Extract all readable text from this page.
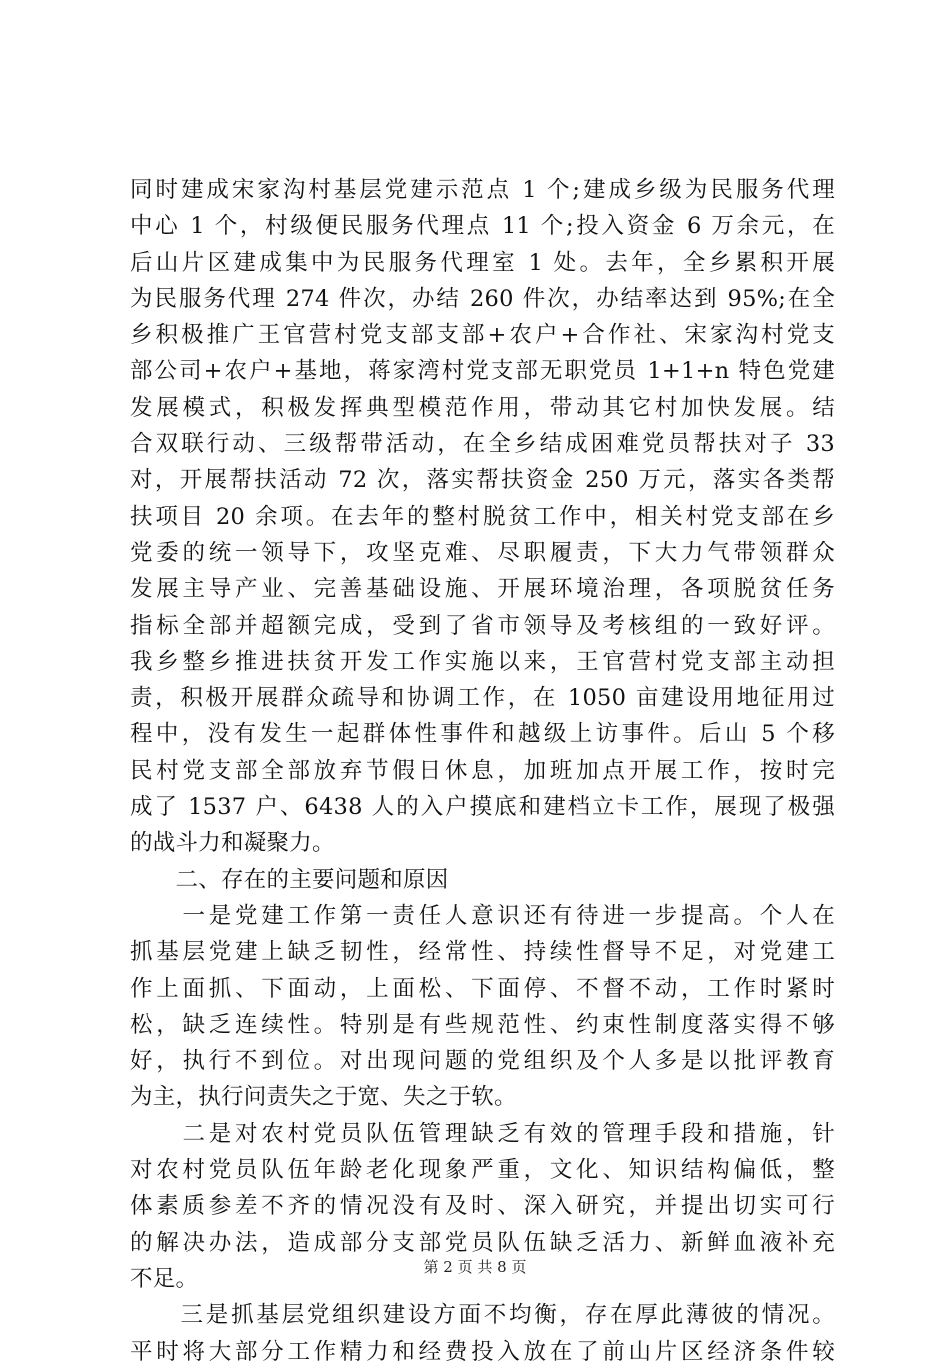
同时建成宋家沟村基层党建示范点 1 个;建成乡级为民服务代理
中心 1 个，村级便民服务代理点 11 个;投入资金 6 万余元，在
后山片区建成集中为民服务代理室 1 处。去年，全乡累积开展
为民服务代理 274 件次，办结 260 件次，办结率达到 95%;在全
乡积极推广王官营村党支部支部+农户+合作社、宋家沟村党支
部公司+农户+基地，蒋家湾村党支部无职党员 1+1+n 特色党建
发展模式，积极发挥典型模范作用，带动其它村加快发展。结
合双联行动、三级帮带活动，在全乡结成困难党员帮扶对子 33
对，开展帮扶活动 72 次，落实帮扶资金 250 万元，落实各类帮
扶项目 20 余项。在去年的整村脱贫工作中，相关村党支部在乡
党委的统一领导下，攻坚克难、尽职履责，下大力气带领群众
发展主导产业、完善基础设施、开展环境治理，各项脱贫任务
指标全部并超额完成，受到了省市领导及考核组的一致好评。
我乡整乡推进扶贫开发工作实施以来，王官营村党支部主动担
责，积极开展群众疏导和协调工作，在 1050 亩建设用地征用过
程中，没有发生一起群体性事件和越级上访事件。后山 5 个移
民村党支部全部放弃节假日休息，加班加点开展工作，按时完
成了 1537 户、6438 人的入户摸底和建档立卡工作，展现了极强
的战斗力和凝聚力。
　　二、存在的主要问题和原因
　　一是党建工作第一责任人意识还有待进一步提高。个人在
抓基层党建上缺乏韧性，经常性、持续性督导不足，对党建工
作上面抓、下面动，上面松、下面停、不督不动，工作时紧时
松，缺乏连续性。特别是有些规范性、约束性制度落实得不够
好，执行不到位。对出现问题的党组织及个人多是以批评教育
为主，执行问责失之于宽、失之于软。
　　二是对农村党员队伍管理缺乏有效的管理手段和措施，针
对农村党员队伍年龄老化现象严重，文化、知识结构偏低，整
体素质参差不齐的情况没有及时、深入研究，并提出切实可行
的解决办法，造成部分支部党员队伍缺乏活力、新鲜血液补充
不足。
　　三是抓基层党组织建设方面不均衡，存在厚此薄彼的情况。
平时将大部分工作精力和经费投入放在了前山片区经济条件较
第 2 页 共 8 页
